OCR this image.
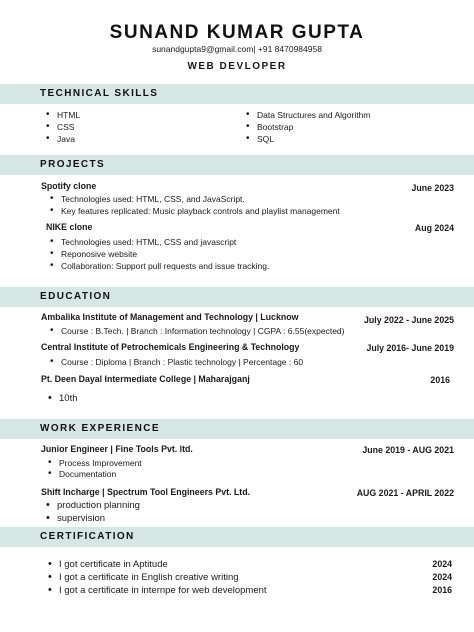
SUNAND KUMAR GUPTA
sunandgupta9@gmail.com| +91 8470984958
WEB DEVLOPER
TECHNICAL SKILLS
• HTML
• CSS
• Java
• Data Structures and Algorithm
• Bootstrap
• SQL
PROJECTS
Spotify clone	June 2023
• Technologies used: HTML, CSS, and JavaScript.
• Key features replicated: Music playback controls and playlist management
NIKE clone	Aug 2024
• Technologies used: HTML, CSS and javascript
• Reponosive website
• Collaboration: Support pull requests and issue tracking.
EDUCATION
Ambalika Institute of Management and Technology | Lucknow	July 2022 - June 2025
• Course : B.Tech. | Branch : Information technology | CGPA : 6.55(expected)
Central Institute of Petrochemicals Engineering & Technology	July 2016- June 2019
• Course : Diploma | Branch : Plastic technology | Percentage : 60
Pt. Deen Dayal Intermediate College | Maharajganj	2016
• 10th
WORK EXPERIENCE
Junior Engineer | Fine Tools Pvt. ltd.	June 2019 - AUG 2021
• Process Improvement
• Documentation
Shift Incharge | Spectrum Tool Engineers Pvt. Ltd.	AUG 2021 - APRIL 2022
• production planning
• supervision
CERTIFICATION
• I got certificate in Aptitude	2024
• I got a certificate in English creative writing	2024
• I got a certificate in internpe for web development	2016
